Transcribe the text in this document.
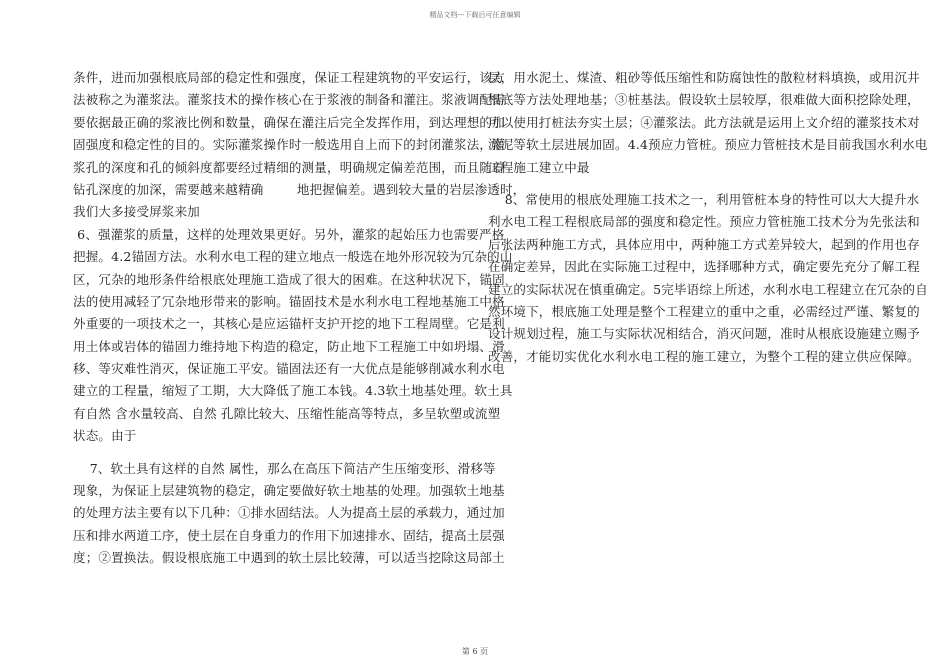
精品文档---下载后可任意编辑
条件，进而加强根底局部的稳定性和强度，保证工程建筑物的平安运行，该方
法被称之为灌浆法。灌浆技术的操作核心在于浆液的制备和灌注。浆液调配需
要依据最正确的浆液比例和数量，确保在灌注后完全发挥作用，到达理想的加
固强度和稳定性的目的。实际灌浆操作时一般选用自上而下的封闭灌浆法，灌
浆孔的深度和孔的倾斜度都要经过精细的测量，明确规定偏差范围，而且随着
钻孔深度的加深，需要越来越精确        地把握偏差。遇到较大量的岩层渗透时，
我们大多接受屏浆来加
6、强灌浆的质量，这样的处理效果更好。另外，灌浆的起始压力也需要严格
把握。4.2锚固方法。水利水电工程的建立地点一般选在地外形况较为冗杂的山
区，冗杂的地形条件给根底处理施工造成了很大的困难。在这种状况下，锚固
法的使用减轻了冗杂地形带来的影响。锚固技术是水利水电工程地基施工中格
外重要的一项技术之一，其核心是应运锚杆支护开挖的地下工程周壁。它是利
用土体或岩体的锚固力维持地下构造的稳定，防止地下工程施工中如坍塌、滑
移、等灾难性消灭，保证施工平安。锚固法还有一大优点是能够削减水利水电
建立的工程量，缩短了工期，大大降低了施工本钱。4.3软土地基处理。软土具
有自然 含水量较高、自然 孔隙比较大、压缩性能高等特点，多呈软塑或流塑
状态。由于
7、软土具有这样的自然 属性，那么在高压下简洁产生压缩变形、滑移等
现象，为保证上层建筑物的稳定，确定要做好软土地基的处理。加强软土地基
的处理方法主要有以下几种：①排水固结法。人为提高土层的承载力，通过加
压和排水两道工序，使土层在自身重力的作用下加速排水、固结，提高土层强
度；②置换法。假设根底施工中遇到的软土层比较薄，可以适当挖除这局部土
层，用水泥土、煤渣、粗砂等低压缩性和防腐蚀性的散粒材料填换，或用沉井
根底等方法处理地基；③桩基法。假设软土层较厚，很难做大面积挖除处理，
可以使用打桩法夯实土层；④灌浆法。此方法就是运用上文介绍的灌浆技术对
淤泥等软土层进展加固。4.4预应力管桩。预应力管桩技术是目前我国水利水电
工程施工建立中最
8、常使用的根底处理施工技术之一，利用管桩本身的特性可以大大提升水
利水电工程工程根底局部的强度和稳定性。预应力管桩施工技术分为先张法和
后张法两种施工方式，具体应用中，两种施工方式差异较大，起到的作用也存
在确定差异，因此在实际施工过程中，选择哪种方式，确定要先充分了解工程
建立的实际状况在慎重确定。5完毕语综上所述，水利水电工程建立在冗杂的自
然环境下，根底施工处理是整个工程建立的重中之重，必需经过严谨、繁复的
设计规划过程，施工与实际状况相结合，消灭问题，准时从根底设施建立赐予
改善，才能切实优化水利水电工程的施工建立，为整个工程的建立供应保障。
第 6 页
